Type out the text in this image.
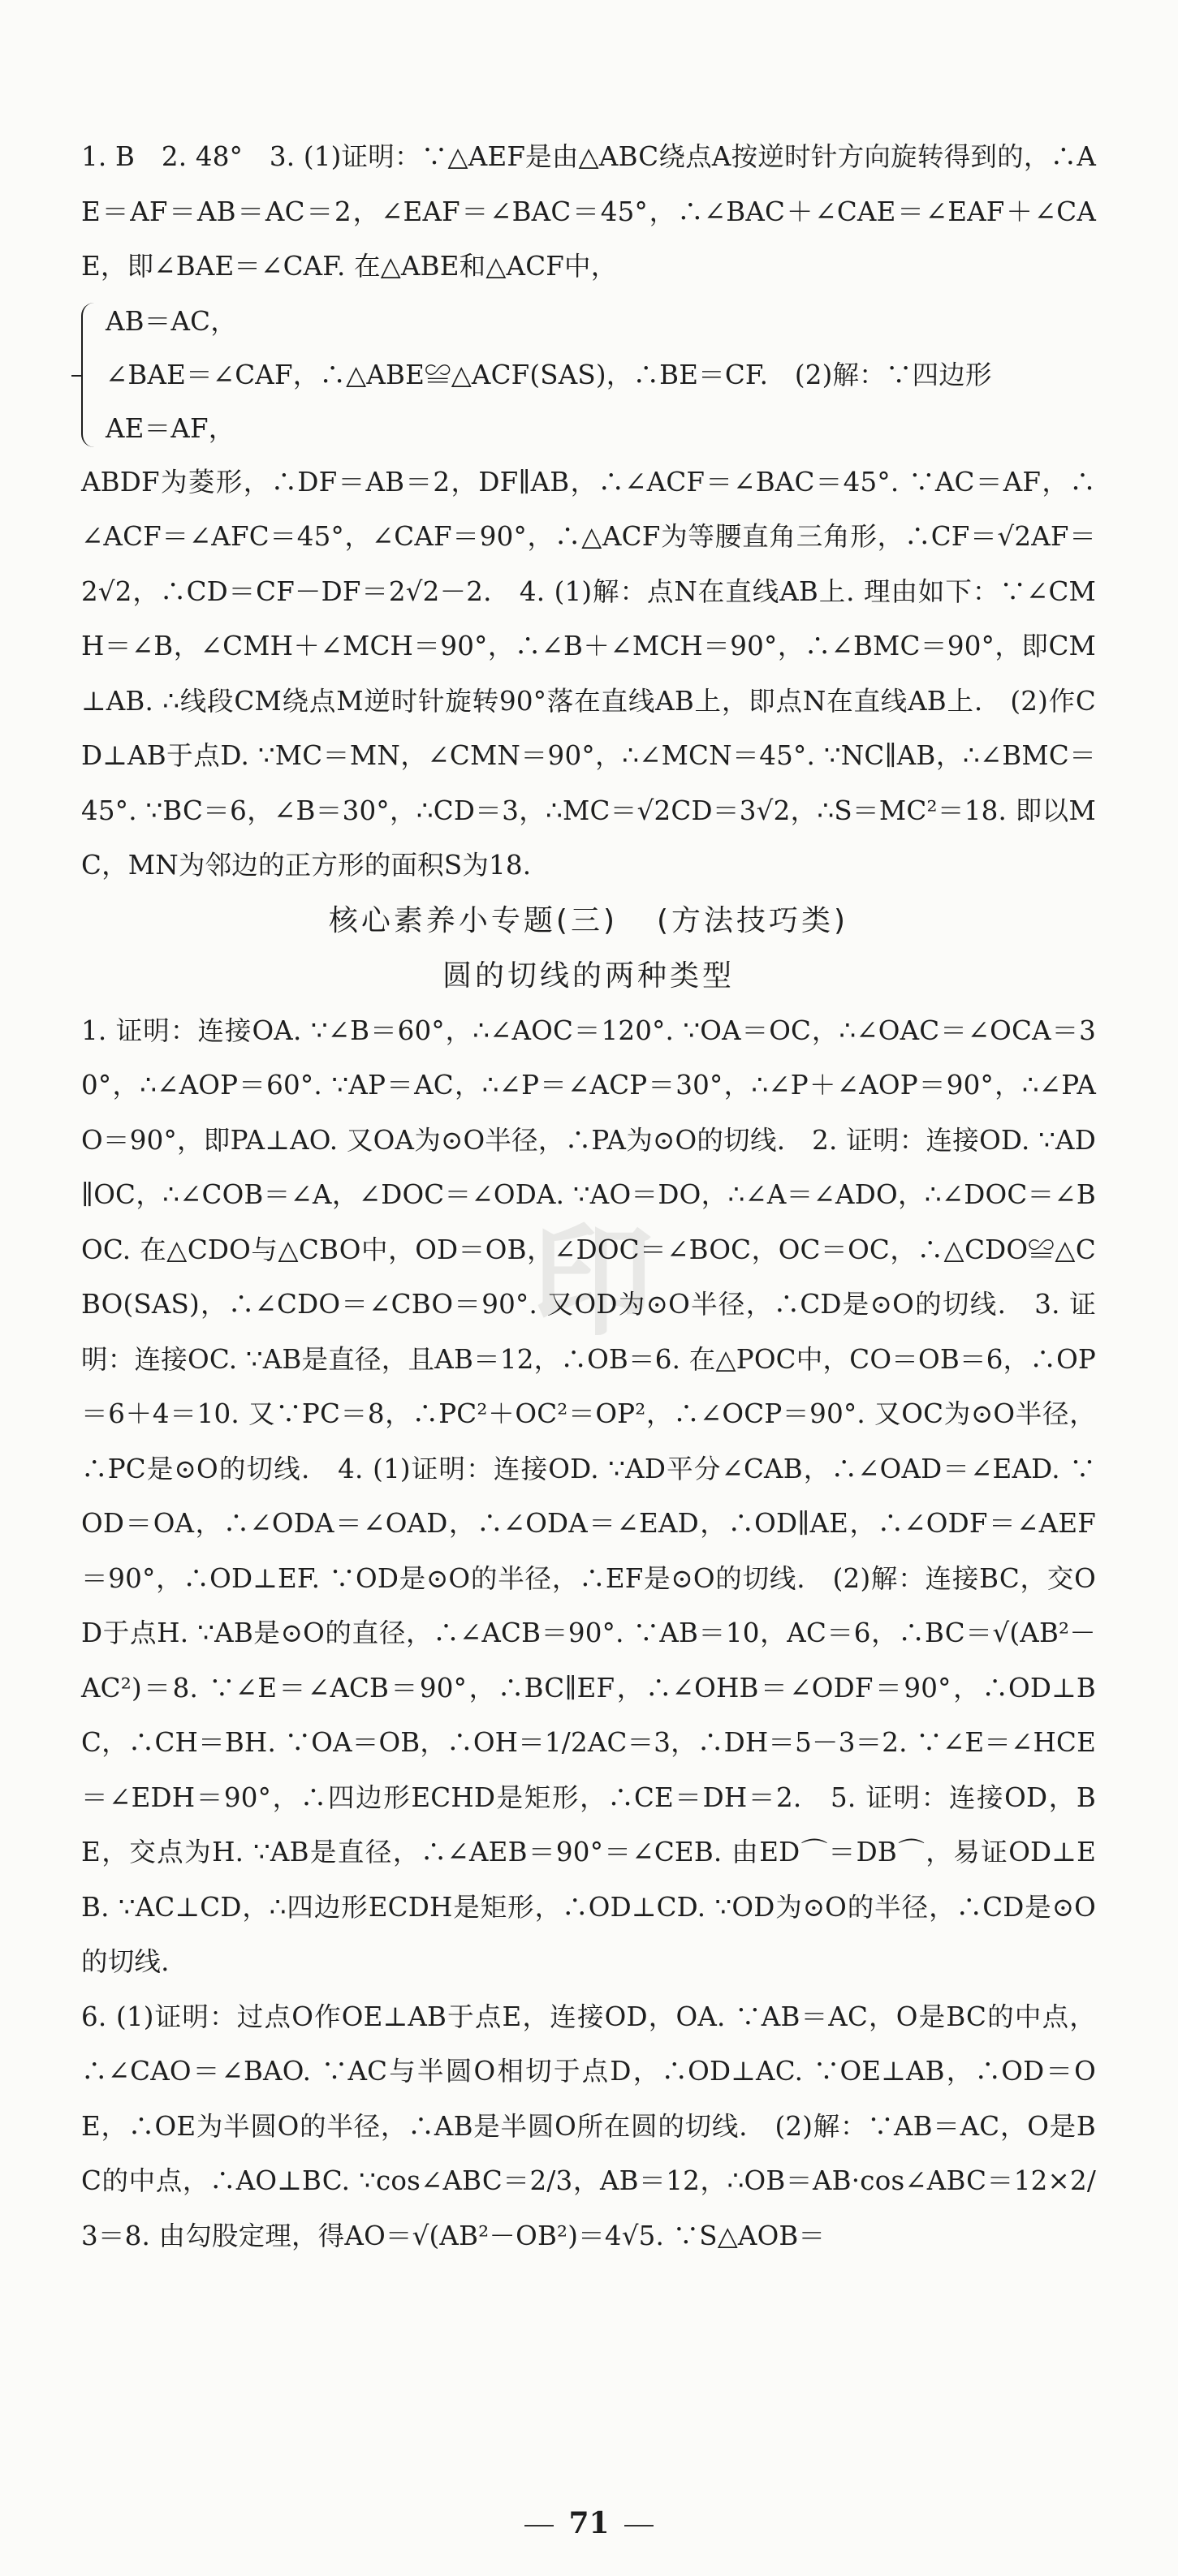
1. B　2. 48°　3. (1)证明：∵△AEF是由△ABC绕点A按逆时针方向旋转得到的，∴AE＝AF＝AB＝AC＝2，∠EAF＝∠BAC＝45°，∴∠BAC＋∠CAE＝∠EAF＋∠CAE，即∠BAE＝∠CAF. 在△ABE和△ACF中，

AB＝AC，

∠BAE＝∠CAF，∴△ABE≌△ACF(SAS)，∴BE＝CF.　(2)解：∵四边形

AE＝AF，

ABDF为菱形，∴DF＝AB＝2，DF∥AB，∴∠ACF＝∠BAC＝45°. ∵AC＝AF，∴∠ACF＝∠AFC＝45°，∠CAF＝90°，∴△ACF为等腰直角三角形，∴CF＝√2AF＝2√2，∴CD＝CF－DF＝2√2－2.　4. (1)解：点N在直线AB上. 理由如下：∵∠CMH＝∠B，∠CMH＋∠MCH＝90°，∴∠B＋∠MCH＝90°，∴∠BMC＝90°，即CM⊥AB. ∴线段CM绕点M逆时针旋转90°落在直线AB上，即点N在直线AB上.　(2)作CD⊥AB于点D. ∵MC＝MN，∠CMN＝90°，∴∠MCN＝45°. ∵NC∥AB，∴∠BMC＝45°. ∵BC＝6，∠B＝30°，∴CD＝3，∴MC＝√2CD＝3√2，∴S＝MC²＝18. 即以MC，MN为邻边的正方形的面积S为18.

核心素养小专题(三) (方法技巧类)

圆的切线的两种类型

1. 证明：连接OA. ∵∠B＝60°，∴∠AOC＝120°. ∵OA＝OC，∴∠OAC＝∠OCA＝30°，∴∠AOP＝60°. ∵AP＝AC，∴∠P＝∠ACP＝30°，∴∠P＋∠AOP＝90°，∴∠PAO＝90°，即PA⊥AO. 又OA为⊙O半径，∴PA为⊙O的切线.　2. 证明：连接OD. ∵AD∥OC，∴∠COB＝∠A，∠DOC＝∠ODA. ∵AO＝DO，∴∠A＝∠ADO，∴∠DOC＝∠BOC. 在△CDO与△CBO中，OD＝OB，∠DOC＝∠BOC，OC＝OC，∴△CDO≌△CBO(SAS)，∴∠CDO＝∠CBO＝90°. 又OD为⊙O半径，∴CD是⊙O的切线.　3. 证明：连接OC. ∵AB是直径，且AB＝12，∴OB＝6. 在△POC中，CO＝OB＝6，∴OP＝6＋4＝10. 又∵PC＝8，∴PC²＋OC²＝OP²，∴∠OCP＝90°. 又OC为⊙O半径，∴PC是⊙O的切线.　4. (1)证明：连接OD. ∵AD平分∠CAB，∴∠OAD＝∠EAD. ∵OD＝OA，∴∠ODA＝∠OAD，∴∠ODA＝∠EAD，∴OD∥AE，∴∠ODF＝∠AEF＝90°，∴OD⊥EF. ∵OD是⊙O的半径，∴EF是⊙O的切线.　(2)解：连接BC，交OD于点H. ∵AB是⊙O的直径，∴∠ACB＝90°. ∵AB＝10，AC＝6，∴BC＝√(AB²－AC²)＝8. ∵∠E＝∠ACB＝90°，∴BC∥EF，∴∠OHB＝∠ODF＝90°，∴OD⊥BC，∴CH＝BH. ∵OA＝OB，∴OH＝1/2AC＝3，∴DH＝5－3＝2. ∵∠E＝∠HCE＝∠EDH＝90°，∴四边形ECHD是矩形，∴CE＝DH＝2.　5. 证明：连接OD，BE，交点为H. ∵AB是直径，∴∠AEB＝90°＝∠CEB. 由ED⌒＝DB⌒，易证OD⊥EB. ∵AC⊥CD，∴四边形ECDH是矩形，∴OD⊥CD. ∵OD为⊙O的半径，∴CD是⊙O的切线.

6. (1)证明：过点O作OE⊥AB于点E，连接OD，OA. ∵AB＝AC，O是BC的中点，∴∠CAO＝∠BAO. ∵AC与半圆O相切于点D，∴OD⊥AC. ∵OE⊥AB，∴OD＝OE，∴OE为半圆O的半径，∴AB是半圆O所在圆的切线.　(2)解：∵AB＝AC，O是BC的中点，∴AO⊥BC. ∵cos∠ABC＝2/3，AB＝12，∴OB＝AB·cos∠ABC＝12×2/3＝8. 由勾股定理，得AO＝√(AB²－OB²)＝4√5. ∵S△AOB＝

印
71
